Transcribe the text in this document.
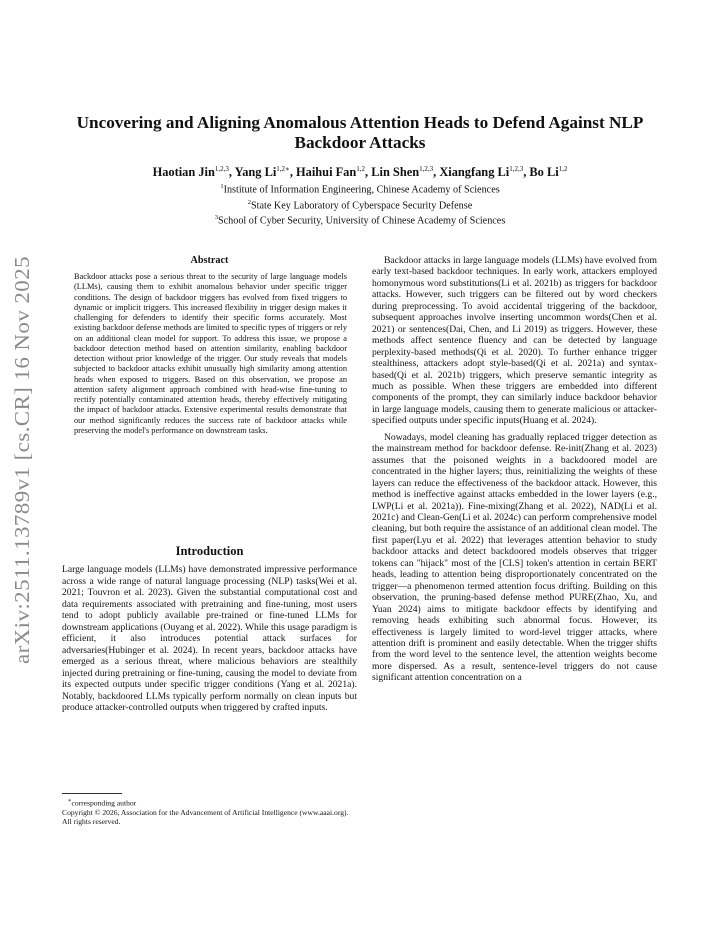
arXiv:2511.13789v1 [cs.CR] 16 Nov 2025
Uncovering and Aligning Anomalous Attention Heads to Defend Against NLP
Backdoor Attacks
Haotian Jin$^{1,2,3}$, Yang $Li^{1,2∗}$, Haihui Fan$^{1,2}$, Lin Shen$^{1,2,3}$, Xiangfang Li$^{1,2,3}$, Bo Li$^{1,2}$
$^1$Institute of Information Engineering, Chinese Academy of Sciences
$^2$State Key Laboratory of Cyberspace Security Defense
$^3$School of Cyber Security, University of Chinese Academy of Sciences
Abstract

Backdoor attacks pose a serious threat to the security of large language models (LLMs), causing them to exhibit anomalous behavior under specific trigger conditions. The design of backdoor triggers has evolved from fixed triggers to dynamic or implicit triggers. This increased flexibility in trigger design makes it challenging for defenders to identify their specific forms accurately. Most existing backdoor defense methods are limited to specific types of triggers or rely on an additional clean model for support. To address this issue, we propose a backdoor detection method based on attention similarity, enabling backdoor detection without prior knowledge of the trigger. Our study reveals that models subjected to backdoor attacks exhibit unusually high similarity among attention heads when exposed to triggers. Based on this observation, we propose an attention safety alignment approach combined with head-wise fine-tuning to rectify potentially contaminated attention heads, thereby effectively mitigating the impact of backdoor attacks. Extensive experimental results demonstrate that our method significantly reduces the success rate of backdoor attacks while preserving the model's performance on downstream tasks.

Introduction

Large language models (LLMs) have demonstrated impressive performance across a wide range of natural language processing (NLP) tasks(Wei et al. 2021; Touvron et al. 2023). Given the substantial computational cost and data requirements associated with pretraining and fine-tuning, most users tend to adopt publicly available pre-trained or fine-tuned LLMs for downstream applications (Ouyang et al. 2022). While this usage paradigm is efficient, it also introduces potential attack surfaces for adversaries(Hubinger et al. 2024). In recent years, backdoor attacks have emerged as a serious threat, where malicious behaviors are stealthily injected during pretraining or fine-tuning, causing the model to deviate from its expected outputs under specific trigger conditions (Yang et al. 2021a). Notably, backdoored LLMs typically perform normally on clean inputs but produce attacker-controlled outputs when triggered by crafted inputs.

∗corresponding author

Copyright © 2026, Association for the Advancement of Artificial Intelligence (www.aaai.org). All rights reserved.

Backdoor attacks in large language models (LLMs) have evolved from early text-based backdoor techniques. In early work, attackers employed homonymous word substitutions(Li et al. 2021b) as triggers for backdoor attacks. However, such triggers can be filtered out by word checkers during preprocessing. To avoid accidental triggering of the backdoor, subsequent approaches involve inserting uncommon words(Chen et al. 2021) or sentences(Dai, Chen, and Li 2019) as triggers. However, these methods affect sentence fluency and can be detected by language perplexity-based methods(Qi et al. 2020). To further enhance trigger stealthiness, attackers adopt style-based(Qi et al. 2021a) and syntax-based(Qi et al. 2021b) triggers, which preserve semantic integrity as much as possible. When these triggers are embedded into different components of the prompt, they can similarly induce backdoor behavior in large language models, causing them to generate malicious or attacker-specified outputs under specific inputs(Huang et al. 2024).

Nowadays, model cleaning has gradually replaced trigger detection as the mainstream method for backdoor defense. Re-init(Zhang et al. 2023) assumes that the poisoned weights in a backdoored model are concentrated in the higher layers; thus, reinitializing the weights of these layers can reduce the effectiveness of the backdoor attack. However, this method is ineffective against attacks embedded in the lower layers (e.g., LWP(Li et al. 2021a)). Fine-mixing(Zhang et al. 2022), NAD(Li et al. 2021c) and Clean-Gen(Li et al. 2024c) can perform comprehensive model cleaning, but both require the assistance of an additional clean model. The first paper(Lyu et al. 2022) that leverages attention behavior to study backdoor attacks and detect backdoored models observes that trigger tokens can "hijack" most of the [CLS] token's attention in certain BERT heads, leading to attention being disproportionately concentrated on the trigger—a phenomenon termed attention focus drifting. Building on this observation, the pruning-based defense method PURE(Zhao, Xu, and Yuan 2024) aims to mitigate backdoor effects by identifying and removing heads exhibiting such abnormal focus. However, its effectiveness is largely limited to word-level trigger attacks, where attention drift is prominent and easily detectable. When the trigger shifts from the word level to the sentence level, the attention weights become more dispersed. As a result, sentence-level triggers do not cause significant attention concentration on a
